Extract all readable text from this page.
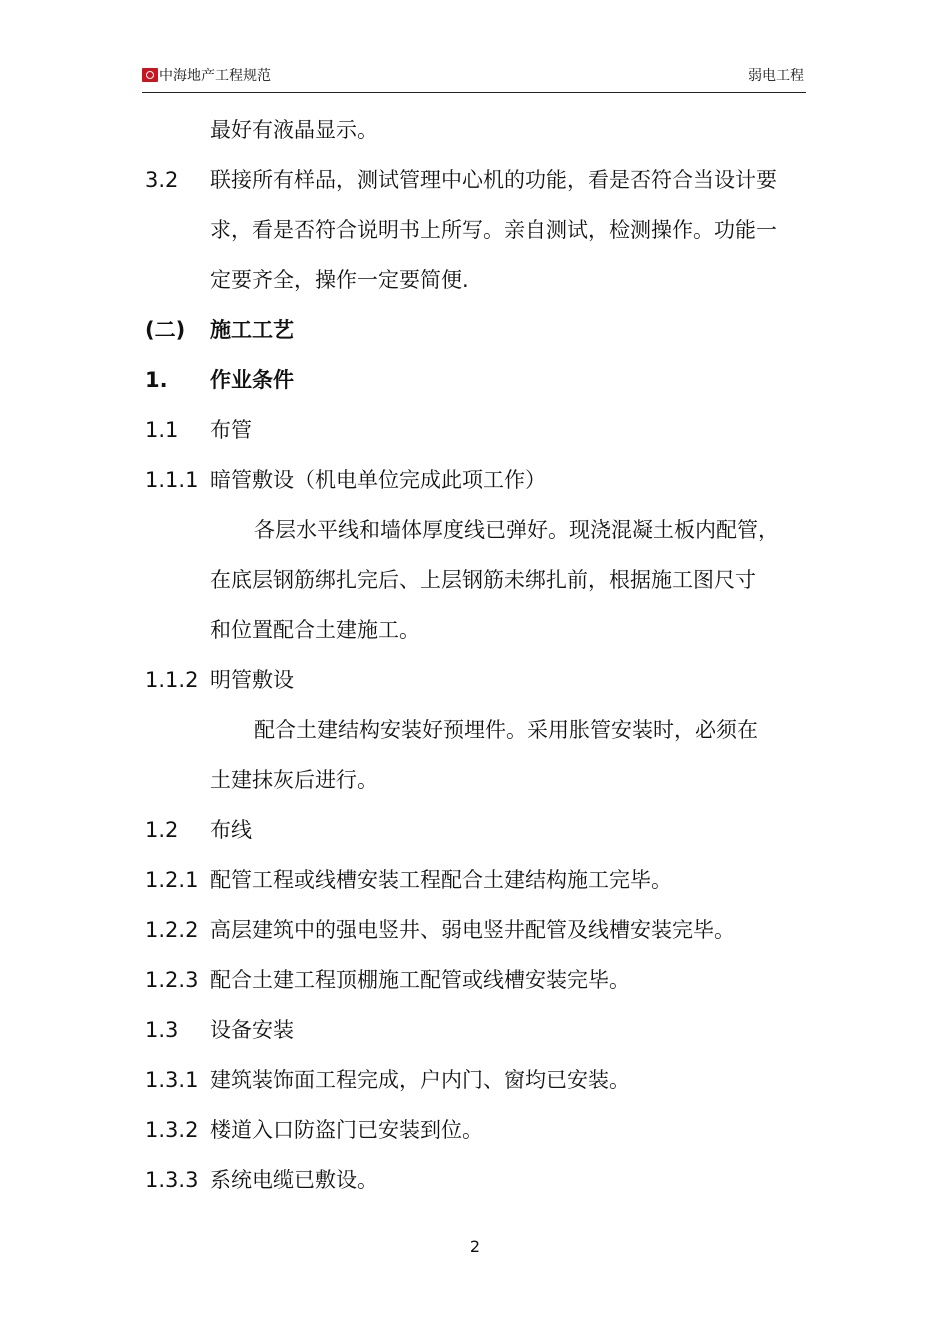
中海地产工程规范	弱电工程
最好有液晶显示。
3.2 联接所有样品，测试管理中心机的功能，看是否符合当设计要
求，看是否符合说明书上所写。亲自测试，检测操作。功能一
定要齐全，操作一定要简便.
(二) 施工工艺
1. 作业条件
1.1 布管
1.1.1 暗管敷设（机电单位完成此项工作）
各层水平线和墙体厚度线已弹好。现浇混凝土板内配管，
在底层钢筋绑扎完后、上层钢筋未绑扎前，根据施工图尺寸
和位置配合土建施工。
1.1.2 明管敷设
配合土建结构安装好预埋件。采用胀管安装时，必须在
土建抹灰后进行。
1.2 布线
1.2.1 配管工程或线槽安装工程配合土建结构施工完毕。
1.2.2 高层建筑中的强电竖井、弱电竖井配管及线槽安装完毕。
1.2.3 配合土建工程顶棚施工配管或线槽安装完毕。
1.3 设备安装
1.3.1 建筑装饰面工程完成，户内门、窗均已安装。
1.3.2 楼道入口防盗门已安装到位。
1.3.3 系统电缆已敷设。
2
